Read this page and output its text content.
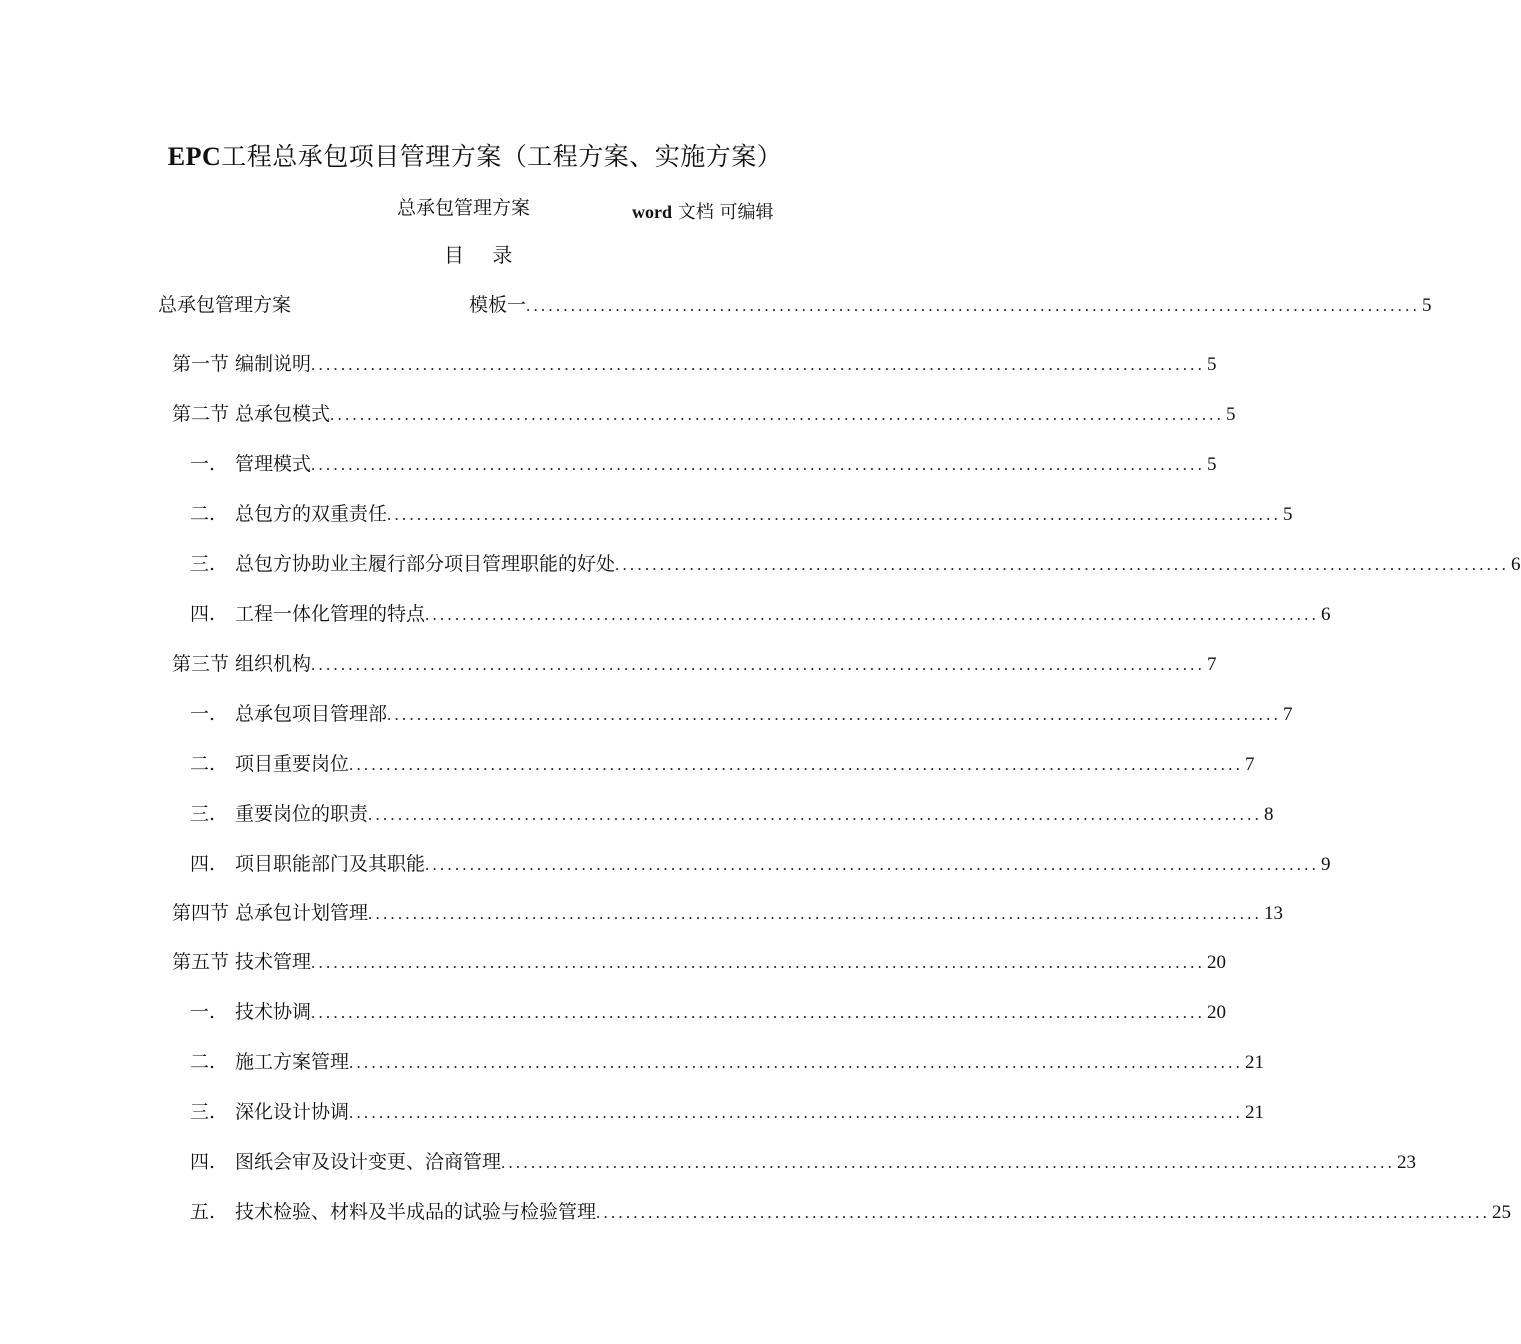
EPC工程总承包项目管理方案（工程方案、实施方案）
总承包管理方案	word 文档 可编辑
目 录
总承包管理方案	模板一 ........................................................................................................................ 5
第一节 编制说明 ........................................................................................................................ 5
第二节 总承包模式 ........................................................................................................................ 5
一. 管理模式 ........................................................................................................................ 5
二. 总包方的双重责任 ........................................................................................................................ 5
三. 总包方协助业主履行部分项目管理职能的好处 ........................................................................................................................ 6
四. 工程一体化管理的特点 ........................................................................................................................ 6
第三节 组织机构 ........................................................................................................................ 7
一. 总承包项目管理部 ........................................................................................................................ 7
二. 项目重要岗位 ........................................................................................................................ 7
三. 重要岗位的职责 ........................................................................................................................ 8
四. 项目职能部门及其职能 ........................................................................................................................ 9
第四节 总承包计划管理 ........................................................................................................................ 13
第五节 技术管理 ........................................................................................................................ 20
一. 技术协调 ........................................................................................................................ 20
二. 施工方案管理 ........................................................................................................................ 21
三. 深化设计协调 ........................................................................................................................ 21
四. 图纸会审及设计变更、洽商管理 ........................................................................................................................ 23
五. 技术检验、材料及半成品的试验与检验管理 ........................................................................................................................ 25
